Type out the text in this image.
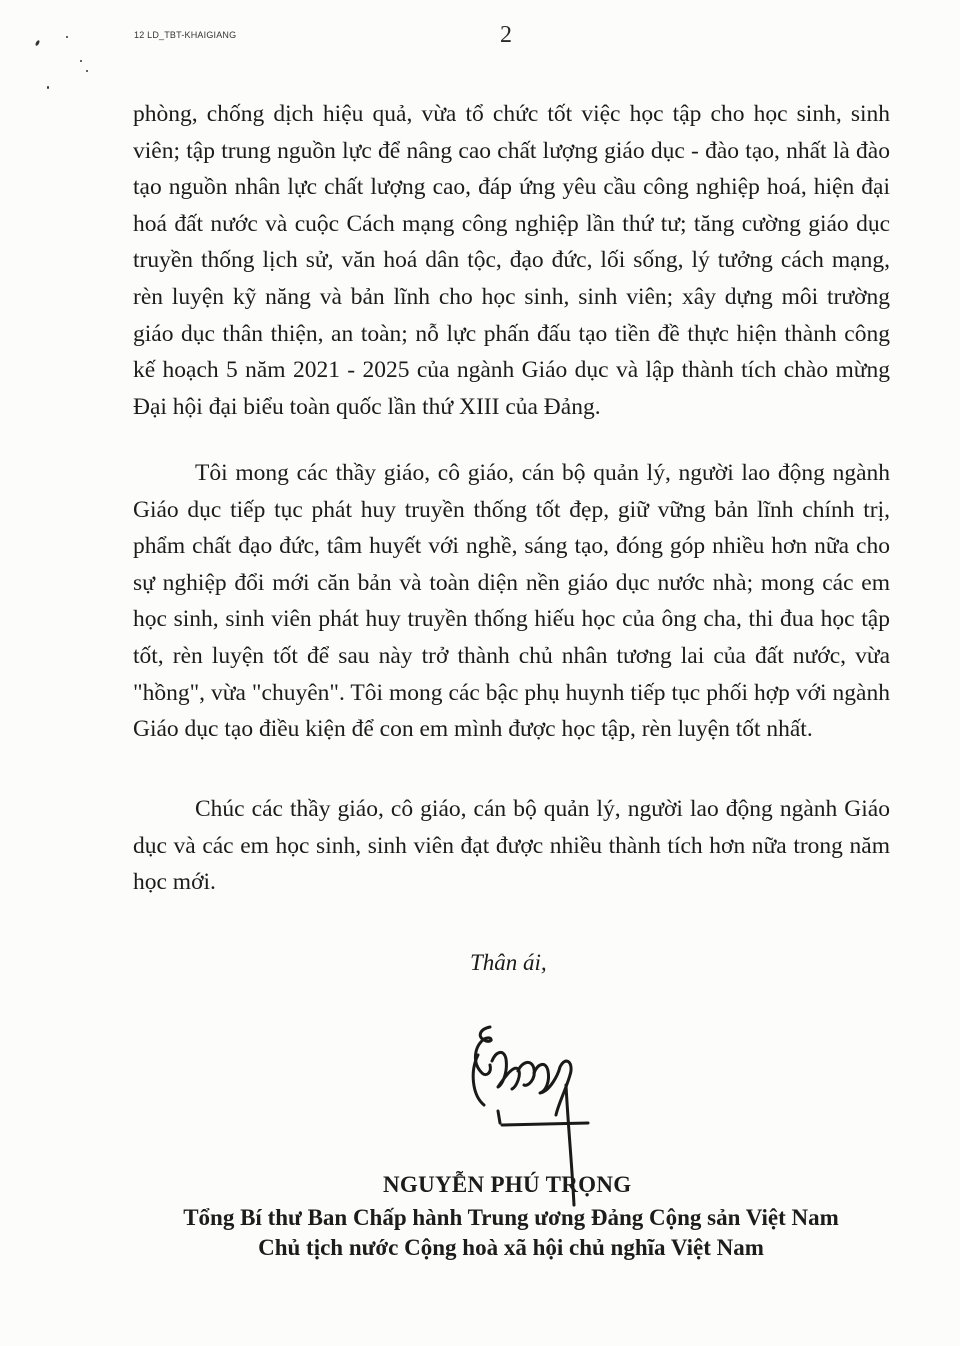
12 LD_TBT-KHAIGIANG	2

phòng, chống dịch hiệu quả, vừa tổ chức tốt việc học tập cho học sinh, sinh viên; tập trung nguồn lực để nâng cao chất lượng giáo dục - đào tạo, nhất là đào tạo nguồn nhân lực chất lượng cao, đáp ứng yêu cầu công nghiệp hoá, hiện đại hoá đất nước và cuộc Cách mạng công nghiệp lần thứ tư; tăng cường giáo dục truyền thống lịch sử, văn hoá dân tộc, đạo đức, lối sống, lý tưởng cách mạng, rèn luyện kỹ năng và bản lĩnh cho học sinh, sinh viên; xây dựng môi trường giáo dục thân thiện, an toàn; nỗ lực phấn đấu tạo tiền đề thực hiện thành công kế hoạch 5 năm 2021 - 2025 của ngành Giáo dục và lập thành tích chào mừng Đại hội đại biểu toàn quốc lần thứ XIII của Đảng.

Tôi mong các thầy giáo, cô giáo, cán bộ quản lý, người lao động ngành Giáo dục tiếp tục phát huy truyền thống tốt đẹp, giữ vững bản lĩnh chính trị, phẩm chất đạo đức, tâm huyết với nghề, sáng tạo, đóng góp nhiều hơn nữa cho sự nghiệp đổi mới căn bản và toàn diện nền giáo dục nước nhà; mong các em học sinh, sinh viên phát huy truyền thống hiếu học của ông cha, thi đua học tập tốt, rèn luyện tốt để sau này trở thành chủ nhân tương lai của đất nước, vừa "hồng", vừa "chuyên". Tôi mong các bậc phụ huynh tiếp tục phối hợp với ngành Giáo dục tạo điều kiện để con em mình được học tập, rèn luyện tốt nhất.

Chúc các thầy giáo, cô giáo, cán bộ quản lý, người lao động ngành Giáo dục và các em học sinh, sinh viên đạt được nhiều thành tích hơn nữa trong năm học mới.

Thân ái,
NGUYỄN PHÚ TRỌNG
Tổng Bí thư Ban Chấp hành Trung ương Đảng Cộng sản Việt Nam
Chủ tịch nước Cộng hoà xã hội chủ nghĩa Việt Nam
